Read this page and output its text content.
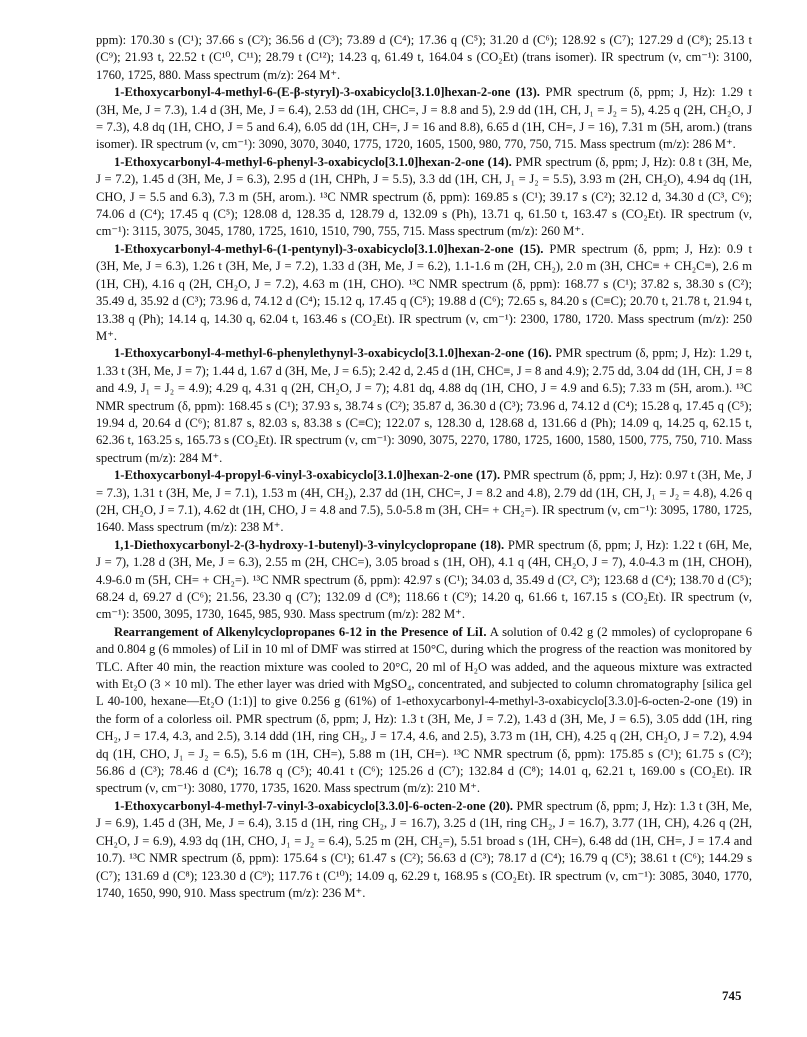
ppm): 170.30 s (C¹); 37.66 s (C²); 36.56 d (C³); 73.89 d (C⁴); 17.36 q (C⁵); 31.20 d (C⁶); 128.92 s (C⁷); 127.29 d (C⁸); 25.13 t (C⁹); 21.93 t, 22.52 t (C¹⁰, C¹¹); 28.79 t (C¹²); 14.23 q, 61.49 t, 164.04 s (CO₂Et) (trans isomer). IR spectrum (ν, cm⁻¹): 3100, 1760, 1725, 880. Mass spectrum (m/z): 264 M⁺.

1-Ethoxycarbonyl-4-methyl-6-(E-β-styryl)-3-oxabicyclo[3.1.0]hexan-2-one (13). PMR spectrum (δ, ppm; J, Hz): 1.29 t (3H, Me, J = 7.3), 1.4 d (3H, Me, J = 6.4), 2.53 dd (1H, CHC=, J = 8.8 and 5), 2.9 dd (1H, CH, J₁ = J₂ = 5), 4.25 q (2H, CH₂O, J = 7.3), 4.8 dq (1H, CHO, J = 5 and 6.4), 6.05 dd (1H, CH=, J = 16 and 8.8), 6.65 d (1H, CH=, J = 16), 7.31 m (5H, arom.) (trans isomer). IR spectrum (ν, cm⁻¹): 3090, 3070, 3040, 1775, 1720, 1605, 1500, 980, 770, 750, 715. Mass spectrum (m/z): 286 M⁺.

1-Ethoxycarbonyl-4-methyl-6-phenyl-3-oxabicyclo[3.1.0]hexan-2-one (14). PMR spectrum (δ, ppm; J, Hz): 0.8 t (3H, Me, J = 7.2), 1.45 d (3H, Me, J = 6.3), 2.95 d (1H, CHPh, J = 5.5), 3.3 dd (1H, CH, J₁ = J₂ = 5.5), 3.93 m (2H, CH₂O), 4.94 dq (1H, CHO, J = 5.5 and 6.3), 7.3 m (5H, arom.). ¹³C NMR spectrum (δ, ppm): 169.85 s (C¹); 39.17 s (C²); 32.12 d, 34.30 d (C³, C⁶); 74.06 d (C⁴); 17.45 q (C⁵); 128.08 d, 128.35 d, 128.79 d, 132.09 s (Ph), 13.71 q, 61.50 t, 163.47 s (CO₂Et). IR spectrum (ν, cm⁻¹): 3115, 3075, 3045, 1780, 1725, 1610, 1510, 790, 755, 715. Mass spectrum (m/z): 260 M⁺.

1-Ethoxycarbonyl-4-methyl-6-(1-pentynyl)-3-oxabicyclo[3.1.0]hexan-2-one (15). PMR spectrum (δ, ppm; J, Hz): 0.9 t (3H, Me, J = 6.3), 1.26 t (3H, Me, J = 7.2), 1.33 d (3H, Me, J = 6.2), 1.1-1.6 m (2H, CH₂), 2.0 m (3H, CHC≡ + CH₂C≡), 2.6 m (1H, CH), 4.16 q (2H, CH₂O, J = 7.2), 4.63 m (1H, CHO). ¹³C NMR spectrum (δ, ppm): 168.77 s (C¹); 37.82 s, 38.30 s (C²); 35.49 d, 35.92 d (C³); 73.96 d, 74.12 d (C⁴); 15.12 q, 17.45 q (C⁵); 19.88 d (C⁶); 72.65 s, 84.20 s (C≡C); 20.70 t, 21.78 t, 21.94 t, 13.38 q (Ph); 14.14 q, 14.30 q, 62.04 t, 163.46 s (CO₂Et). IR spectrum (ν, cm⁻¹): 2300, 1780, 1720. Mass spectrum (m/z): 250 M⁺.

1-Ethoxycarbonyl-4-methyl-6-phenylethynyl-3-oxabicyclo[3.1.0]hexan-2-one (16). PMR spectrum (δ, ppm; J, Hz): 1.29 t, 1.33 t (3H, Me, J = 7); 1.44 d, 1.67 d (3H, Me, J = 6.5); 2.42 d, 2.45 d (1H, CHC≡, J = 8 and 4.9); 2.75 dd, 3.04 dd (1H, CH, J = 8 and 4.9, J₁ = J₂ = 4.9); 4.29 q, 4.31 q (2H, CH₂O, J = 7); 4.81 dq, 4.88 dq (1H, CHO, J = 4.9 and 6.5); 7.33 m (5H, arom.). ¹³C NMR spectrum (δ, ppm): 168.45 s (C¹); 37.93 s, 38.74 s (C²); 35.87 d, 36.30 d (C³); 73.96 d, 74.12 d (C⁴); 15.28 q, 17.45 q (C⁵); 19.94 d, 20.64 d (C⁶); 81.87 s, 82.03 s, 83.38 s (C≡C); 122.07 s, 128.30 d, 128.68 d, 131.66 d (Ph); 14.09 q, 14.25 q, 62.15 t, 62.36 t, 163.25 s, 165.73 s (CO₂Et). IR spectrum (ν, cm⁻¹): 3090, 3075, 2270, 1780, 1725, 1600, 1580, 1500, 775, 750, 710. Mass spectrum (m/z): 284 M⁺.

1-Ethoxycarbonyl-4-propyl-6-vinyl-3-oxabicyclo[3.1.0]hexan-2-one (17). PMR spectrum (δ, ppm; J, Hz): 0.97 t (3H, Me, J = 7.3), 1.31 t (3H, Me, J = 7.1), 1.53 m (4H, CH₂), 2.37 dd (1H, CHC=, J = 8.2 and 4.8), 2.79 dd (1H, CH, J₁ = J₂ = 4.8), 4.26 q (2H, CH₂O, J = 7.1), 4.62 dt (1H, CHO, J = 4.8 and 7.5), 5.0-5.8 m (3H, CH= + CH₂=). IR spectrum (ν, cm⁻¹): 3095, 1780, 1725, 1640. Mass spectrum (m/z): 238 M⁺.

1,1-Diethoxycarbonyl-2-(3-hydroxy-1-butenyl)-3-vinylcyclopropane (18). PMR spectrum (δ, ppm; J, Hz): 1.22 t (6H, Me, J = 7), 1.28 d (3H, Me, J = 6.3), 2.55 m (2H, CHC=), 3.05 broad s (1H, OH), 4.1 q (4H, CH₂O, J = 7), 4.0-4.3 m (1H, CHOH), 4.9-6.0 m (5H, CH= + CH₂=). ¹³C NMR spectrum (δ, ppm): 42.97 s (C¹); 34.03 d, 35.49 d (C², C³); 123.68 d (C⁴); 138.70 d (C⁵); 68.24 d, 69.27 d (C⁶); 21.56, 23.30 q (C⁷); 132.09 d (C⁸); 118.66 t (C⁹); 14.20 q, 61.66 t, 167.15 s (CO₂Et). IR spectrum (ν, cm⁻¹): 3500, 3095, 1730, 1645, 985, 930. Mass spectrum (m/z): 282 M⁺.

Rearrangement of Alkenylcyclopropanes 6-12 in the Presence of LiI. A solution of 0.42 g (2 mmoles) of cyclopropane 6 and 0.804 g (6 mmoles) of LiI in 10 ml of DMF was stirred at 150°C, during which the progress of the reaction was monitored by TLC. After 40 min, the reaction mixture was cooled to 20°C, 20 ml of H₂O was added, and the aqueous mixture was extracted with Et₂O (3 × 10 ml). The ether layer was dried with MgSO₄, concentrated, and subjected to column chromatography [silica gel L 40-100, hexane—Et₂O (1:1)] to give 0.256 g (61%) of 1-ethoxycarbonyl-4-methyl-3-oxabicyclo[3.3.0]-6-octen-2-one (19) in the form of a colorless oil. PMR spectrum (δ, ppm; J, Hz): 1.3 t (3H, Me, J = 7.2), 1.43 d (3H, Me, J = 6.5), 3.05 ddd (1H, ring CH₂, J = 17.4, 4.3, and 2.5), 3.14 ddd (1H, ring CH₂, J = 17.4, 4.6, and 2.5), 3.73 m (1H, CH), 4.25 q (2H, CH₂O, J = 7.2), 4.94 dq (1H, CHO, J₁ = J₂ = 6.5), 5.6 m (1H, CH=), 5.88 m (1H, CH=). ¹³C NMR spectrum (δ, ppm): 175.85 s (C¹); 61.75 s (C²); 56.86 d (C³); 78.46 d (C⁴); 16.78 q (C⁵); 40.41 t (C⁶); 125.26 d (C⁷); 132.84 d (C⁸); 14.01 q, 62.21 t, 169.00 s (CO₂Et). IR spectrum (ν, cm⁻¹): 3080, 1770, 1735, 1620. Mass spectrum (m/z): 210 M⁺.

1-Ethoxycarbonyl-4-methyl-7-vinyl-3-oxabicyclo[3.3.0]-6-octen-2-one (20). PMR spectrum (δ, ppm; J, Hz): 1.3 t (3H, Me, J = 6.9), 1.45 d (3H, Me, J = 6.4), 3.15 d (1H, ring CH₂, J = 16.7), 3.25 d (1H, ring CH₂, J = 16.7), 3.77 (1H, CH), 4.26 q (2H, CH₂O, J = 6.9), 4.93 dq (1H, CHO, J₁ = J₂ = 6.4), 5.25 m (2H, CH₂=), 5.51 broad s (1H, CH=), 6.48 dd (1H, CH=, J = 17.4 and 10.7). ¹³C NMR spectrum (δ, ppm): 175.64 s (C¹); 61.47 s (C²); 56.63 d (C³); 78.17 d (C⁴); 16.79 q (C⁵); 38.61 t (C⁶); 144.29 s (C⁷); 131.69 d (C⁸); 123.30 d (C⁹); 117.76 t (C¹⁰); 14.09 q, 62.29 t, 168.95 s (CO₂Et). IR spectrum (ν, cm⁻¹): 3085, 3040, 1770, 1740, 1650, 990, 910. Mass spectrum (m/z): 236 M⁺.

745
